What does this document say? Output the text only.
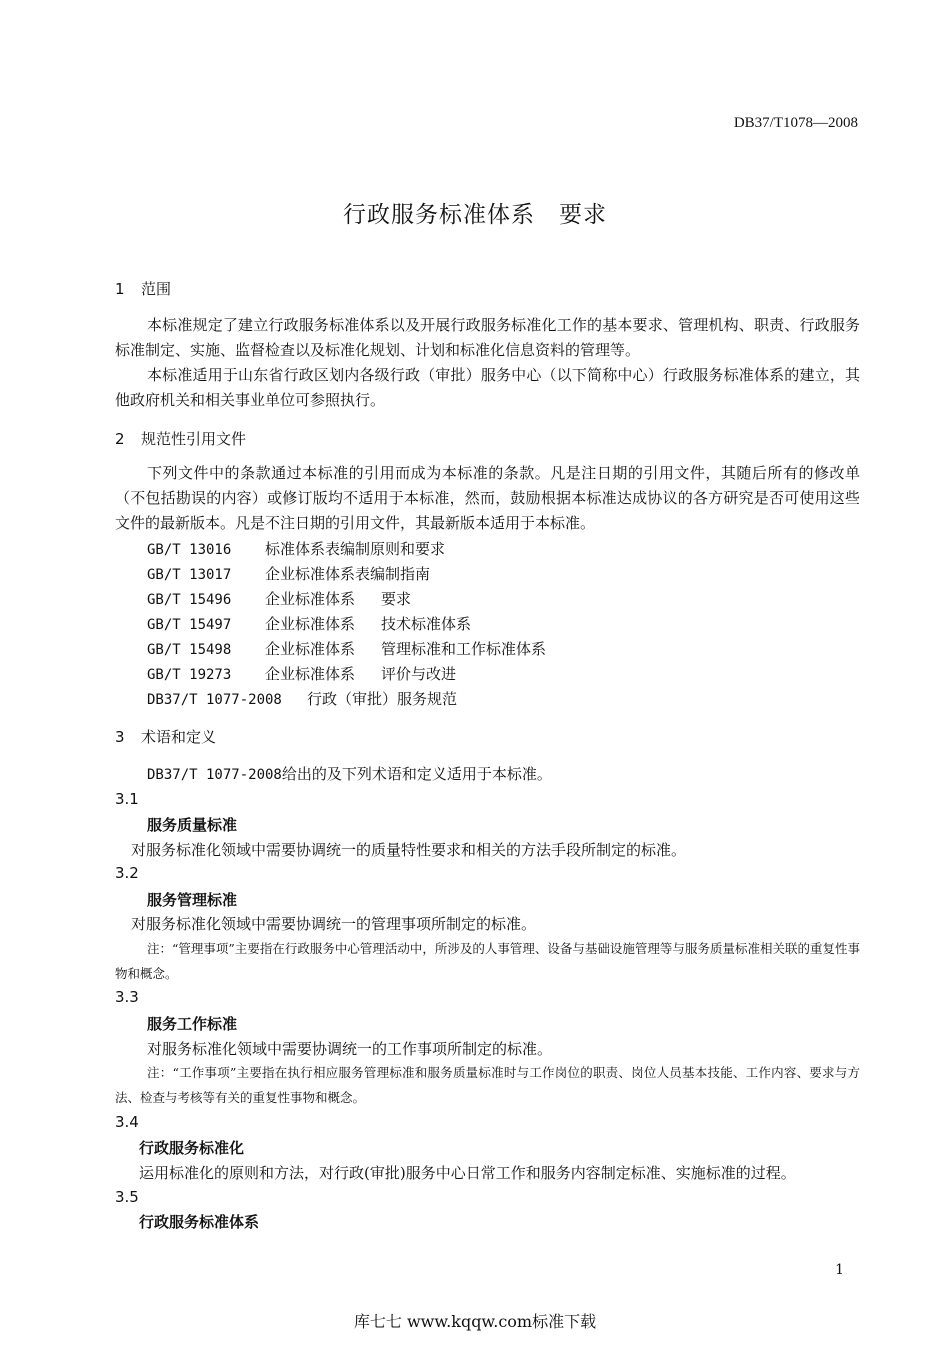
DB37/T1078—2008
行政服务标准体系　要求
1 范围
本标准规定了建立行政服务标准体系以及开展行政服务标准化工作的基本要求、管理机构、职责、行政服务标准制定、实施、监督检查以及标准化规划、计划和标准化信息资料的管理等。
本标准适用于山东省行政区划内各级行政（审批）服务中心（以下简称中心）行政服务标准体系的建立，其他政府机关和相关事业单位可参照执行。
2 规范性引用文件
下列文件中的条款通过本标准的引用而成为本标准的条款。凡是注日期的引用文件，其随后所有的修改单（不包括勘误的内容）或修订版均不适用于本标准，然而，鼓励根据本标准达成协议的各方研究是否可使用这些文件的最新版本。凡是不注日期的引用文件，其最新版本适用于本标准。
GB/T 13016 标准体系表编制原则和要求
GB/T 13017 企业标准体系表编制指南
GB/T 15496 企业标准体系 要求
GB/T 15497 企业标准体系 技术标准体系
GB/T 15498 企业标准体系 管理标准和工作标准体系
GB/T 19273 企业标准体系 评价与改进
DB37/T 1077-2008 行政（审批）服务规范
3 术语和定义
DB37/T 1077-2008给出的及下列术语和定义适用于本标准。
3.1
服务质量标准
对服务标准化领域中需要协调统一的质量特性要求和相关的方法手段所制定的标准。
3.2
服务管理标准
对服务标准化领域中需要协调统一的管理事项所制定的标准。
注：“管理事项”主要指在行政服务中心管理活动中，所涉及的人事管理、设备与基础设施管理等与服务质量标准相关联的重复性事物和概念。
3.3
服务工作标准
对服务标准化领域中需要协调统一的工作事项所制定的标准。
注：“工作事项”主要指在执行相应服务管理标准和服务质量标准时与工作岗位的职责、岗位人员基本技能、工作内容、要求与方法、检查与考核等有关的重复性事物和概念。
3.4
行政服务标准化
运用标准化的原则和方法，对行政(审批)服务中心日常工作和服务内容制定标准、实施标准的过程。
3.5
行政服务标准体系
1
库七七 www.kqqw.com标准下载
